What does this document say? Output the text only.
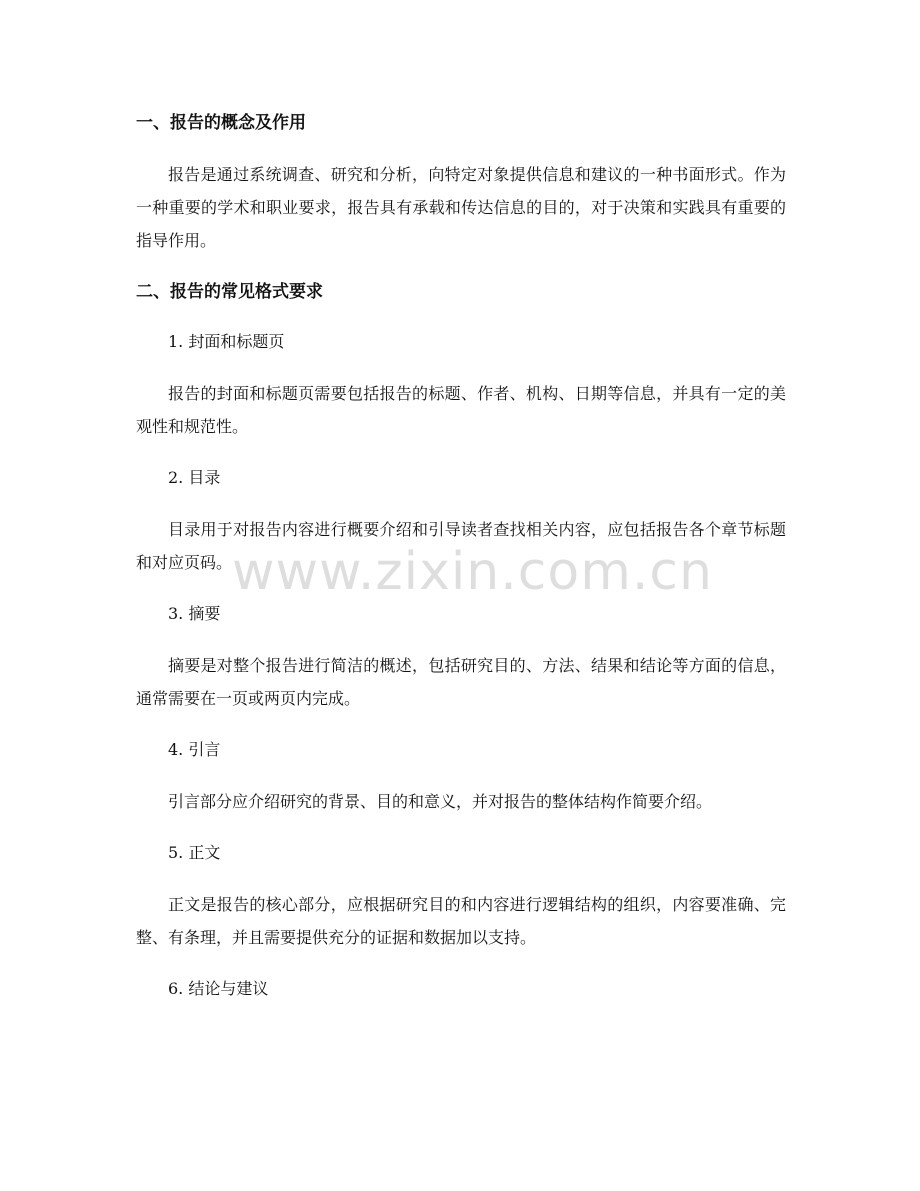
一、报告的概念及作用
报告是通过系统调查、研究和分析，向特定对象提供信息和建议的一种书面形式。作为一种重要的学术和职业要求，报告具有承载和传达信息的目的，对于决策和实践具有重要的指导作用。
二、报告的常见格式要求
1. 封面和标题页
报告的封面和标题页需要包括报告的标题、作者、机构、日期等信息，并具有一定的美观性和规范性。
2. 目录
目录用于对报告内容进行概要介绍和引导读者查找相关内容，应包括报告各个章节标题和对应页码。
3. 摘要
摘要是对整个报告进行简洁的概述，包括研究目的、方法、结果和结论等方面的信息，通常需要在一页或两页内完成。
4. 引言
引言部分应介绍研究的背景、目的和意义，并对报告的整体结构作简要介绍。
5. 正文
正文是报告的核心部分，应根据研究目的和内容进行逻辑结构的组织，内容要准确、完整、有条理，并且需要提供充分的证据和数据加以支持。
6. 结论与建议
www.zixin.com.cn
